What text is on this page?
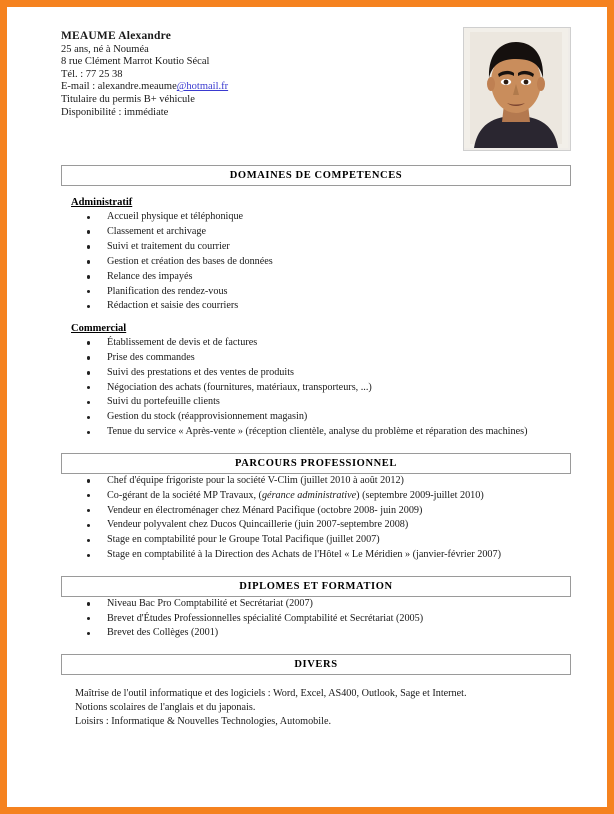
MEAUME Alexandre
25 ans, né à Nouméa
8 rue Clément Marrot Koutio Sécal
Tél. : 77 25 38
E-mail : alexandre.meaume@hotmail.fr
Titulaire du permis B+ véhicule
Disponibilité : immédiate
DOMAINES DE COMPETENCES
Administratif
Accueil physique et téléphonique
Classement et archivage
Suivi et traitement du courrier
Gestion et création des bases de données
Relance des impayés
Planification des rendez-vous
Rédaction et saisie des courriers
Commercial
Établissement de devis et de factures
Prise des commandes
Suivi des prestations et des ventes de produits
Négociation des achats (fournitures, matériaux, transporteurs, ...)
Suivi du portefeuille clients
Gestion du stock (réapprovisionnement magasin)
Tenue du service « Après-vente » (réception clientèle, analyse du problème et réparation des machines)
PARCOURS PROFESSIONNEL
Chef d'équipe frigoriste pour la société V-Clim (juillet 2010 à août 2012)
Co-gérant de la société MP Travaux, (gérance administrative) (septembre 2009-juillet 2010)
Vendeur en électroménager chez Ménard Pacifique (octobre 2008- juin 2009)
Vendeur polyvalent chez Ducos Quincaillerie (juin 2007-septembre 2008)
Stage en comptabilité pour le Groupe Total Pacifique (juillet 2007)
Stage en comptabilité à la Direction des Achats de l'Hôtel « Le Méridien » (janvier-février 2007)
DIPLOMES ET FORMATION
Niveau Bac Pro Comptabilité et Secrétariat (2007)
Brevet d'Études Professionnelles spécialité Comptabilité et Secrétariat (2005)
Brevet des Collèges (2001)
DIVERS
Maîtrise de l'outil informatique et des logiciels : Word, Excel, AS400, Outlook, Sage et Internet.
Notions scolaires de l'anglais et du japonais.
Loisirs : Informatique & Nouvelles Technologies, Automobile.
